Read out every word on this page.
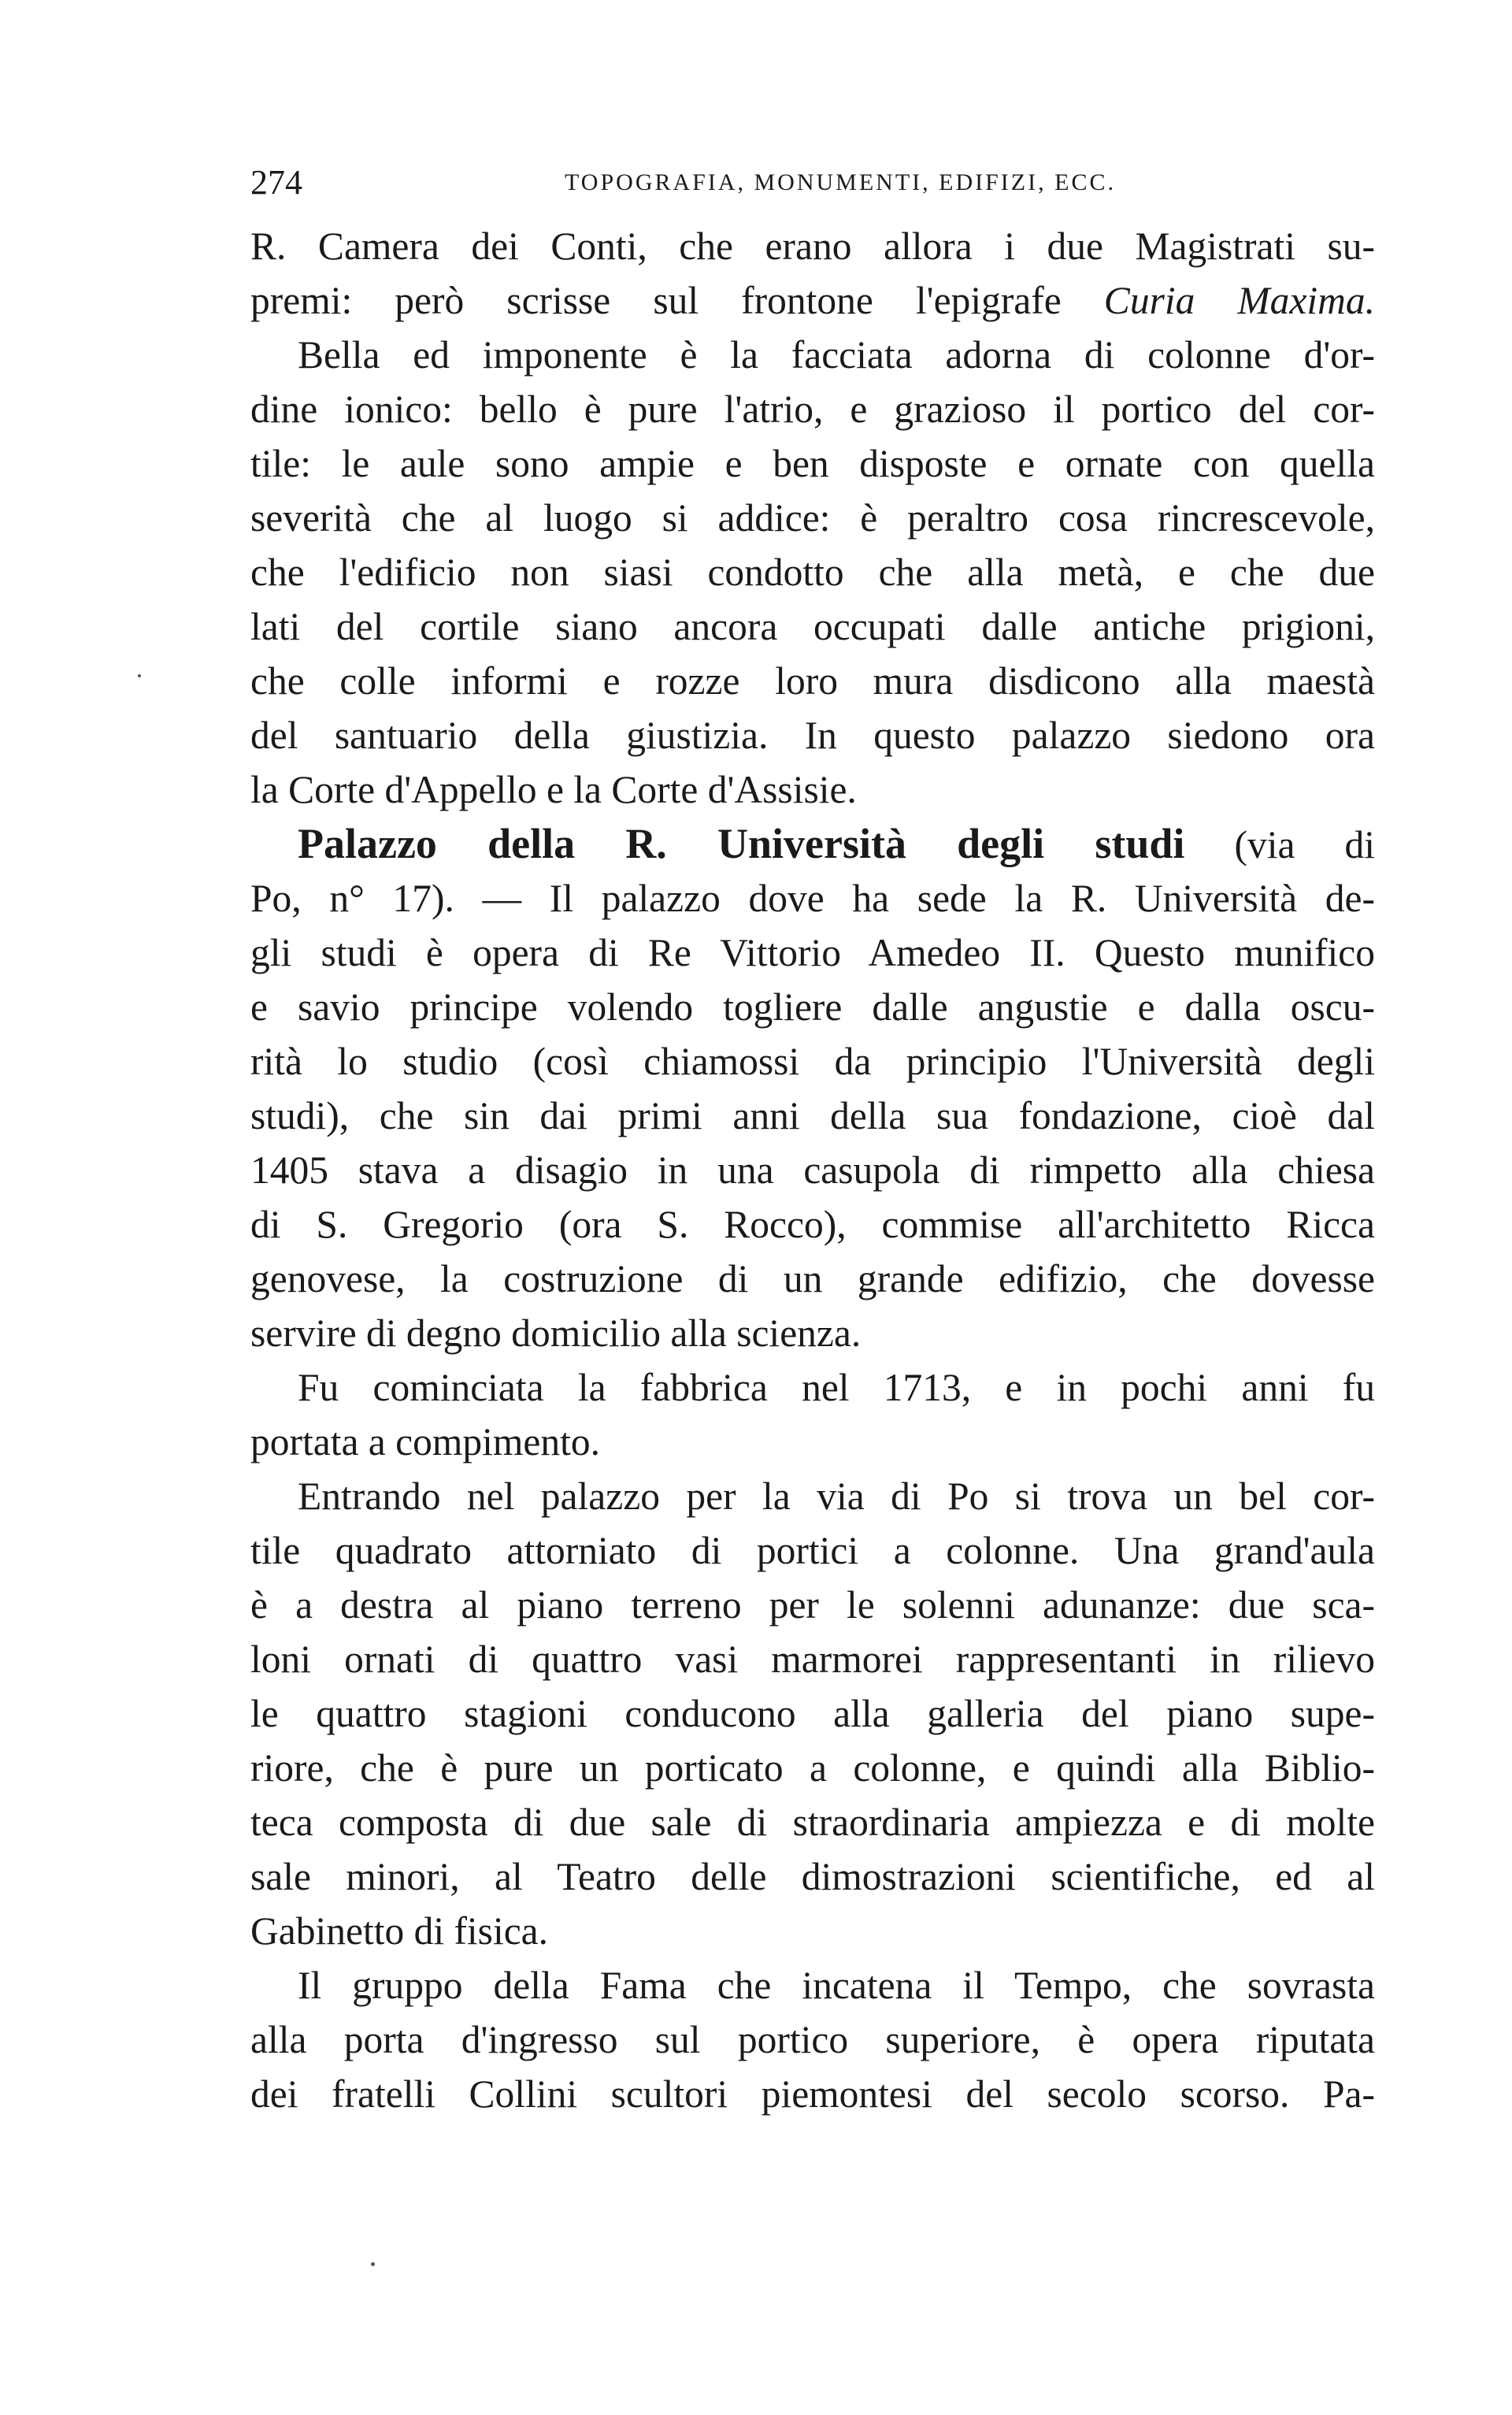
274	TOPOGRAFIA, MONUMENTI, EDIFIZI, ECC.
R. Camera dei Conti, che erano allora i due Magistrati su-
premi: però scrisse sul frontone l'epigrafe Curia Maxima.
Bella ed imponente è la facciata adorna di colonne d'or-
dine ionico: bello è pure l'atrio, e grazioso il portico del cor-
tile: le aule sono ampie e ben disposte e ornate con quella
severità che al luogo si addice: è peraltro cosa rincrescevole,
che l'edificio non siasi condotto che alla metà, e che due
lati del cortile siano ancora occupati dalle antiche prigioni,
che colle informi e rozze loro mura disdicono alla maestà
del santuario della giustizia. In questo palazzo siedono ora
la Corte d'Appello e la Corte d'Assisie.
Palazzo della R. Università degli studi (via di
Po, n° 17). — Il palazzo dove ha sede la R. Università de-
gli studi è opera di Re Vittorio Amedeo II. Questo munifico
e savio principe volendo togliere dalle angustie e dalla oscu-
rità lo studio (così chiamossi da principio l'Università degli
studi), che sin dai primi anni della sua fondazione, cioè dal
1405 stava a disagio in una casupola di rimpetto alla chiesa
di S. Gregorio (ora S. Rocco), commise all'architetto Ricca
genovese, la costruzione di un grande edifizio, che dovesse
servire di degno domicilio alla scienza.
Fu cominciata la fabbrica nel 1713, e in pochi anni fu
portata a compimento.
Entrando nel palazzo per la via di Po si trova un bel cor-
tile quadrato attorniato di portici a colonne. Una grand'aula
è a destra al piano terreno per le solenni adunanze: due sca-
loni ornati di quattro vasi marmorei rappresentanti in rilievo
le quattro stagioni conducono alla galleria del piano supe-
riore, che è pure un porticato a colonne, e quindi alla Biblio-
teca composta di due sale di straordinaria ampiezza e di molte
sale minori, al Teatro delle dimostrazioni scientifiche, ed al
Gabinetto di fisica.
Il gruppo della Fama che incatena il Tempo, che sovrasta
alla porta d'ingresso sul portico superiore, è opera riputata
dei fratelli Collini scultori piemontesi del secolo scorso. Pa-
